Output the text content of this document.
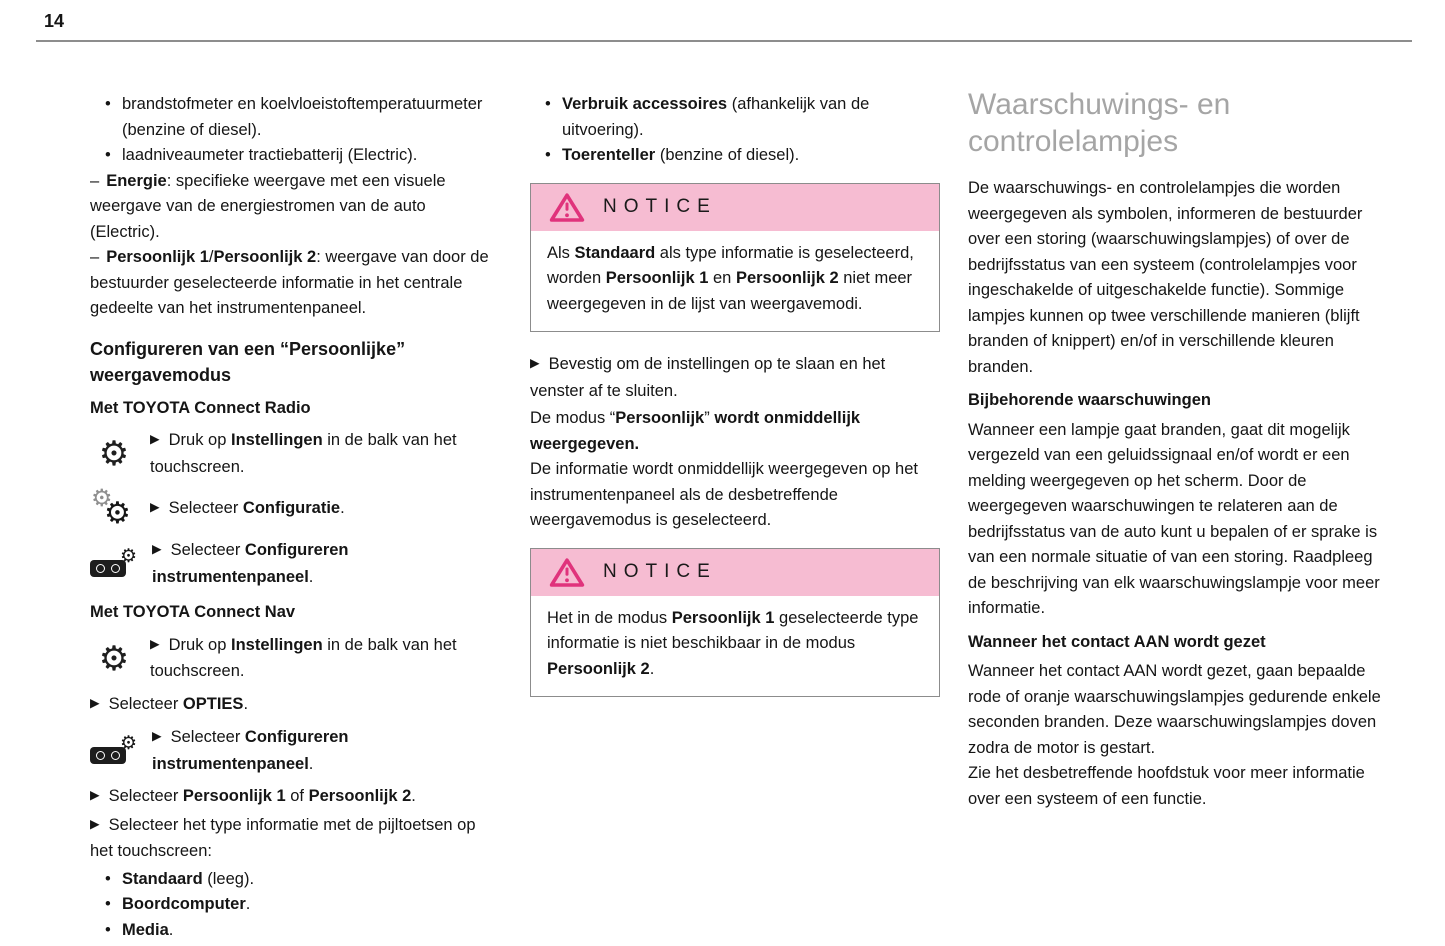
14
• brandstofmeter en koelvloeistoftemperatuurmeter (benzine of diesel).

• laadniveaumeter tractiebatterij (Electric).

– Energie: specifieke weergave met een visuele weergave van de energiestromen van de auto (Electric).

– Persoonlijk 1/Persoonlijk 2: weergave van door de bestuurder geselecteerde informatie in het centrale gedeelte van het instrumentenpaneel.

Configureren van een “Persoonlijke” weergavemodus
Met TOYOTA Connect Radio
⚙ ▶ Druk op Instellingen in de balk van het touchscreen.

⚙
⚙ ▶ Selecteer Configuratie.

⚙ ▶ Selecteer Configureren instrumentenpaneel.

Met TOYOTA Connect Nav
⚙ ▶ Druk op Instellingen in de balk van het touchscreen.

▶ Selecteer OPTIES.

⚙ ▶ Selecteer Configureren instrumentenpaneel.

▶ Selecteer Persoonlijk 1 of Persoonlijk 2.

▶ Selecteer het type informatie met de pijltoetsen op het touchscreen:

• Standaard (leeg).

• Boordcomputer.

• Media.

• Verbruik accessoires (afhankelijk van de uitvoering).

• Toerenteller (benzine of diesel).

NOTICE
Als Standaard als type informatie is geselecteerd, worden Persoonlijk 1 en Persoonlijk 2 niet meer weergegeven in de lijst van weergavemodi.

▶ Bevestig om de instellingen op te slaan en het venster af te sluiten.

De modus “Persoonlijk” wordt onmiddellijk weergegeven.

De informatie wordt onmiddellijk weergegeven op het instrumentenpaneel als de desbetreffende weergavemodus is geselecteerd.

NOTICE
Het in de modus Persoonlijk 1 geselecteerde type informatie is niet beschikbaar in de modus Persoonlijk 2.
Waarschuwings- en controlelampjes

De waarschuwings- en controlelampjes die worden weergegeven als symbolen, informeren de bestuurder over een storing (waarschuwingslampjes) of over de bedrijfsstatus van een systeem (controlelampjes voor ingeschakelde of uitgeschakelde functie). Sommige lampjes kunnen op twee verschillende manieren (blijft branden of knippert) en/of in verschillende kleuren branden.

Bijbehorende waarschuwingen

Wanneer een lampje gaat branden, gaat dit mogelijk vergezeld van een geluidssignaal en/of wordt er een melding weergegeven op het scherm. Door de weergegeven waarschuwingen te relateren aan de bedrijfsstatus van de auto kunt u bepalen of er sprake is van een normale situatie of van een storing. Raadpleeg de beschrijving van elk waarschuwingslampje voor meer informatie.

Wanneer het contact AAN wordt gezet

Wanneer het contact AAN wordt gezet, gaan bepaalde rode of oranje waarschuwingslampjes gedurende enkele seconden branden. Deze waarschuwingslampjes doven zodra de motor is gestart.

Zie het desbetreffende hoofdstuk voor meer informatie over een systeem of een functie.
